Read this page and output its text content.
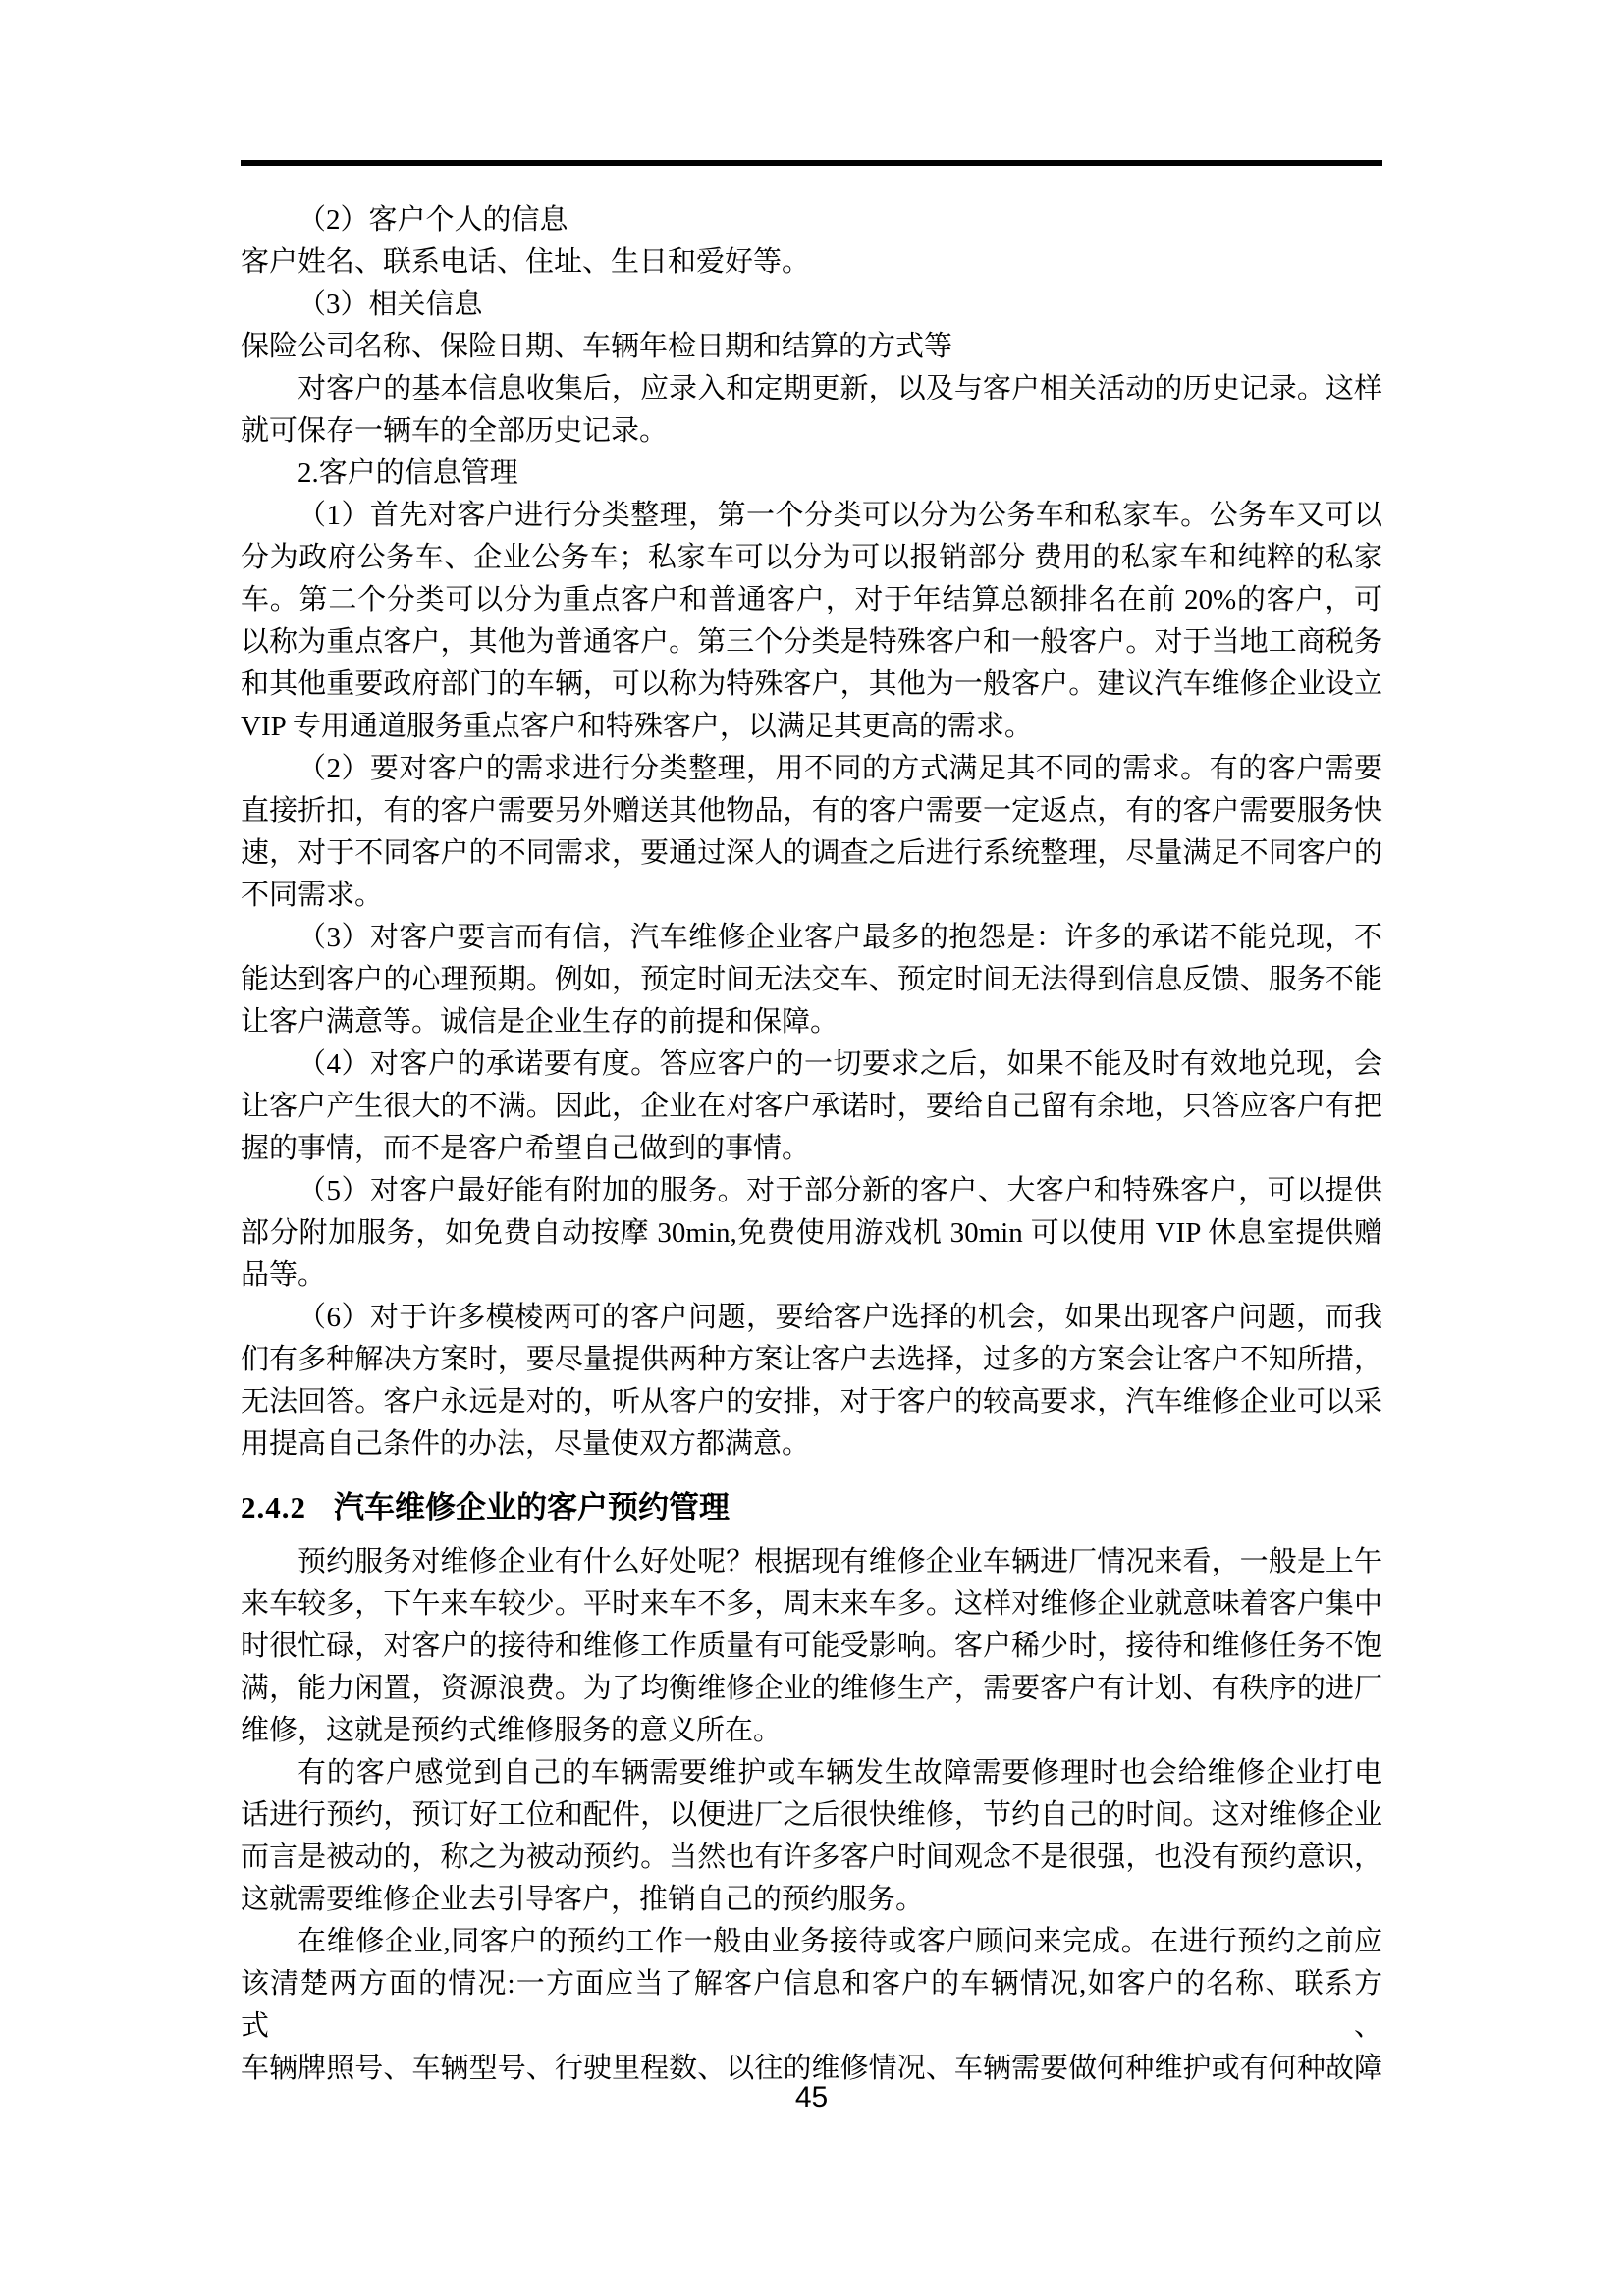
（2）客户个人的信息
客户姓名、联系电话、住址、生日和爱好等。
（3）相关信息
保险公司名称、保险日期、车辆年检日期和结算的方式等
对客户的基本信息收集后，应录入和定期更新，以及与客户相关活动的历史记录。这样
就可保存一辆车的全部历史记录。
2.客户的信息管理
（1）首先对客户进行分类整理，第一个分类可以分为公务车和私家车。公务车又可以
分为政府公务车、企业公务车；私家车可以分为可以报销部分 费用的私家车和纯粹的私家
车。第二个分类可以分为重点客户和普通客户，对于年结算总额排名在前 20%的客户，可
以称为重点客户，其他为普通客户。第三个分类是特殊客户和一般客户。对于当地工商税务
和其他重要政府部门的车辆，可以称为特殊客户，其他为一般客户。建议汽车维修企业设立
VIP 专用通道服务重点客户和特殊客户，以满足其更高的需求。
（2）要对客户的需求进行分类整理，用不同的方式满足其不同的需求。有的客户需要
直接折扣，有的客户需要另外赠送其他物品，有的客户需要一定返点，有的客户需要服务快
速，对于不同客户的不同需求，要通过深人的调查之后进行系统整理，尽量满足不同客户的
不同需求。
（3）对客户要言而有信，汽车维修企业客户最多的抱怨是：许多的承诺不能兑现，不
能达到客户的心理预期。例如，预定时间无法交车、预定时间无法得到信息反馈、服务不能
让客户满意等。诚信是企业生存的前提和保障。
（4）对客户的承诺要有度。答应客户的一切要求之后，如果不能及时有效地兑现，会
让客户产生很大的不满。因此，企业在对客户承诺时，要给自己留有余地，只答应客户有把
握的事情，而不是客户希望自己做到的事情。
（5）对客户最好能有附加的服务。对于部分新的客户、大客户和特殊客户，可以提供
部分附加服务，如免费自动按摩 30min,免费使用游戏机 30min 可以使用 VIP 休息室提供赠
品等。
（6）对于许多模棱两可的客户问题，要给客户选择的机会，如果出现客户问题，而我
们有多种解决方案时，要尽量提供两种方案让客户去选择，过多的方案会让客户不知所措，
无法回答。客户永远是对的，听从客户的安排，对于客户的较高要求，汽车维修企业可以采
用提高自己条件的办法，尽量使双方都满意。
2.4.2 汽车维修企业的客户预约管理
预约服务对维修企业有什么好处呢？根据现有维修企业车辆进厂情况来看，一般是上午
来车较多，下午来车较少。平时来车不多，周末来车多。这样对维修企业就意味着客户集中
时很忙碌，对客户的接待和维修工作质量有可能受影响。客户稀少时，接待和维修任务不饱
满，能力闲置，资源浪费。为了均衡维修企业的维修生产，需要客户有计划、有秩序的进厂
维修，这就是预约式维修服务的意义所在。
有的客户感觉到自己的车辆需要维护或车辆发生故障需要修理时也会给维修企业打电
话进行预约，预订好工位和配件，以便进厂之后很快维修，节约自己的时间。这对维修企业
而言是被动的，称之为被动预约。当然也有许多客户时间观念不是很强，也没有预约意识，
这就需要维修企业去引导客户，推销自己的预约服务。
在维修企业,同客户的预约工作一般由业务接待或客户顾问来完成。在进行预约之前应
该清楚两方面的情况:一方面应当了解客户信息和客户的车辆情况,如客户的名称、联系方式、
车辆牌照号、车辆型号、行驶里程数、以往的维修情况、车辆需要做何种维护或有何种故障
45
